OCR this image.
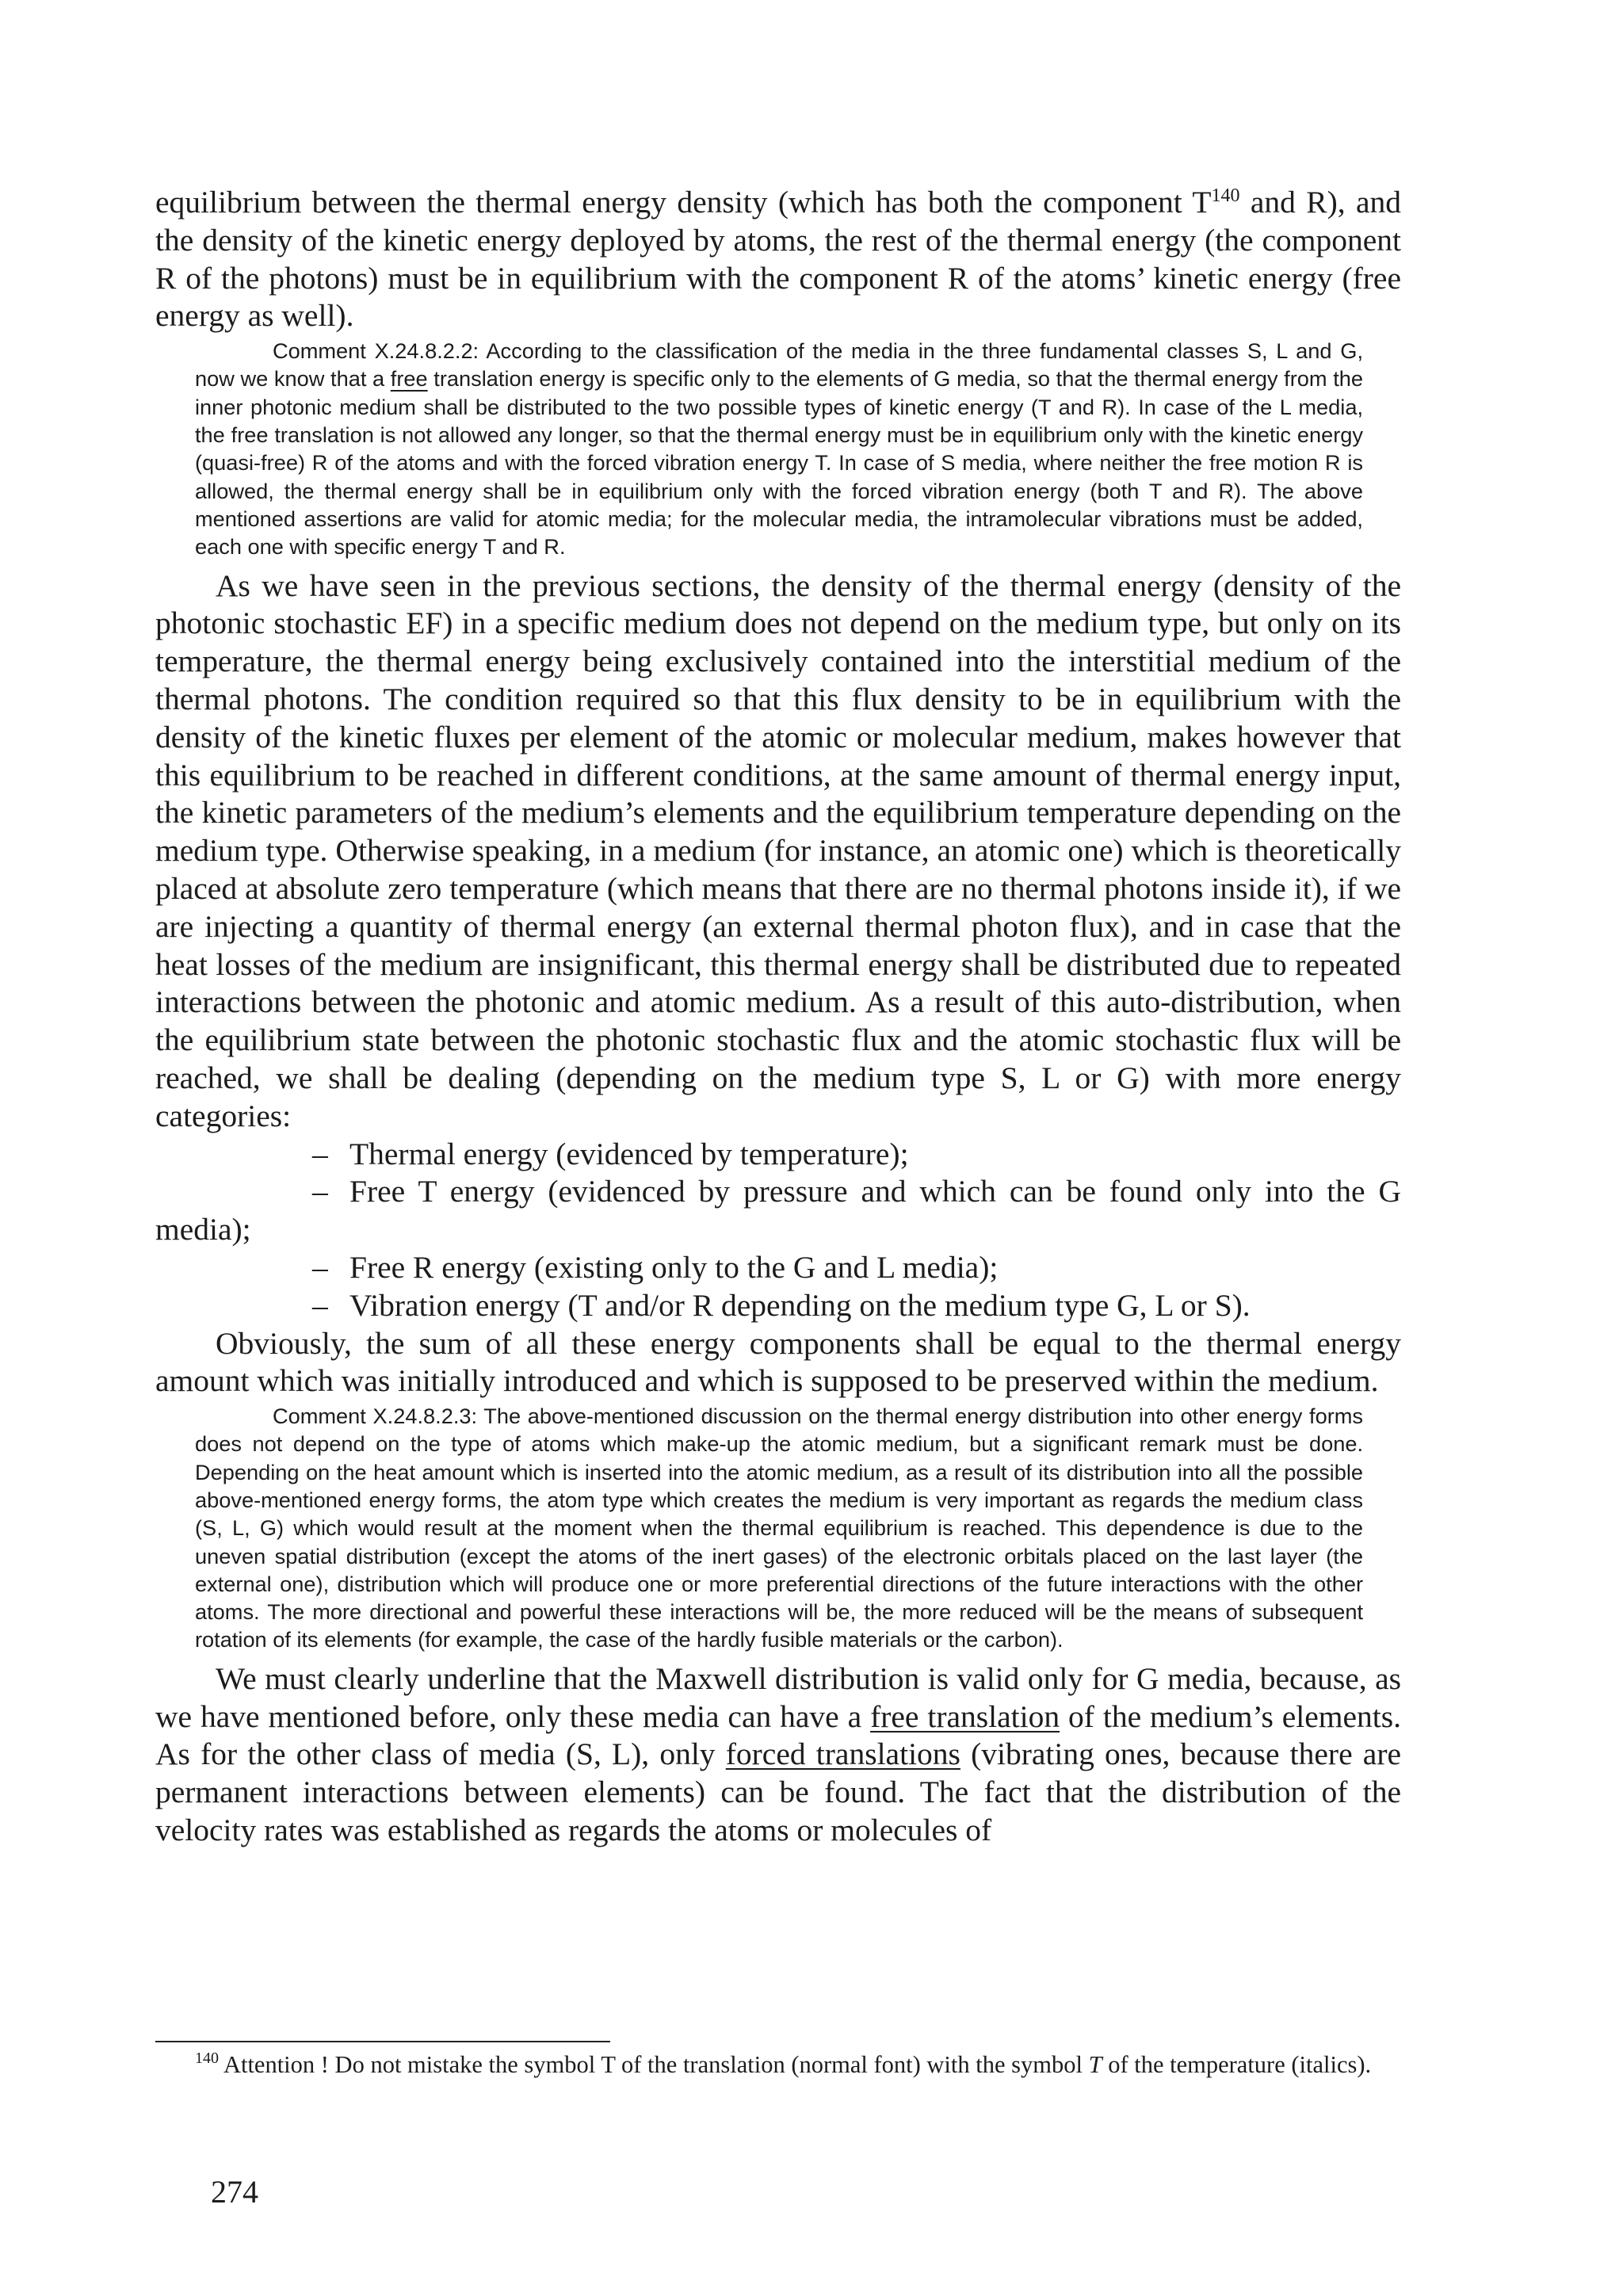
equilibrium between the thermal energy density (which has both the component $T^{140}$ and R), and the density of the kinetic energy deployed by atoms, the rest of the thermal energy (the component R of the photons) must be in equilibrium with the component R of the atoms’ kinetic energy (free energy as well).

Comment X.24.8.2.2: According to the classification of the media in the three fundamental classes S, L and G, now we know that a free translation energy is specific only to the elements of G media, so that the thermal energy from the inner photonic medium shall be distributed to the two possible types of kinetic energy (T and R). In case of the L media, the free translation is not allowed any longer, so that the thermal energy must be in equilibrium only with the kinetic energy (quasi-free) R of the atoms and with the forced vibration energy T. In case of S media, where neither the free motion R is allowed, the thermal energy shall be in equilibrium only with the forced vibration energy (both T and R). The above mentioned assertions are valid for atomic media; for the molecular media, the intramolecular vibrations must be added, each one with specific energy T and R.

As we have seen in the previous sections, the density of the thermal energy (density of the photonic stochastic EF) in a specific medium does not depend on the medium type, but only on its temperature, the thermal energy being exclusively contained into the interstitial medium of the thermal photons. The condition required so that this flux density to be in equilibrium with the density of the kinetic fluxes per element of the atomic or molecular medium, makes however that this equilibrium to be reached in different conditions, at the same amount of thermal energy input, the kinetic parameters of the medium’s elements and the equilibrium temperature depending on the medium type. Otherwise speaking, in a medium (for instance, an atomic one) which is theoretically placed at absolute zero temperature (which means that there are no thermal photons inside it), if we are injecting a quantity of thermal energy (an external thermal photon flux), and in case that the heat losses of the medium are insignificant, this thermal energy shall be distributed due to repeated interactions between the photonic and atomic medium. As a result of this auto-distribution, when the equilibrium state between the photonic stochastic flux and the atomic stochastic flux will be reached, we shall be dealing (depending on the medium type S, L or G) with more energy categories:

– Thermal energy (evidenced by temperature);
– Free T energy (evidenced by pressure and which can be found only into the G media);
– Free R energy (existing only to the G and L media);
– Vibration energy (T and/or R depending on the medium type G, L or S).

Obviously, the sum of all these energy components shall be equal to the thermal energy amount which was initially introduced and which is supposed to be preserved within the medium.

Comment X.24.8.2.3: The above-mentioned discussion on the thermal energy distribution into other energy forms does not depend on the type of atoms which make-up the atomic medium, but a significant remark must be done. Depending on the heat amount which is inserted into the atomic medium, as a result of its distribution into all the possible above-mentioned energy forms, the atom type which creates the medium is very important as regards the medium class (S, L, G) which would result at the moment when the thermal equilibrium is reached. This dependence is due to the uneven spatial distribution (except the atoms of the inert gases) of the electronic orbitals placed on the last layer (the external one), distribution which will produce one or more preferential directions of the future interactions with the other atoms. The more directional and powerful these interactions will be, the more reduced will be the means of subsequent rotation of its elements (for example, the case of the hardly fusible materials or the carbon).

We must clearly underline that the Maxwell distribution is valid only for G media, because, as we have mentioned before, only these media can have a free translation of the medium’s elements. As for the other class of media (S, L), only forced translations (vibrating ones, because there are permanent interactions between elements) can be found. The fact that the distribution of the velocity rates was established as regards the atoms or molecules of

$^{140}$ Attention ! Do not mistake the symbol T of the translation (normal font) with the symbol T of the temperature (italics).

274
